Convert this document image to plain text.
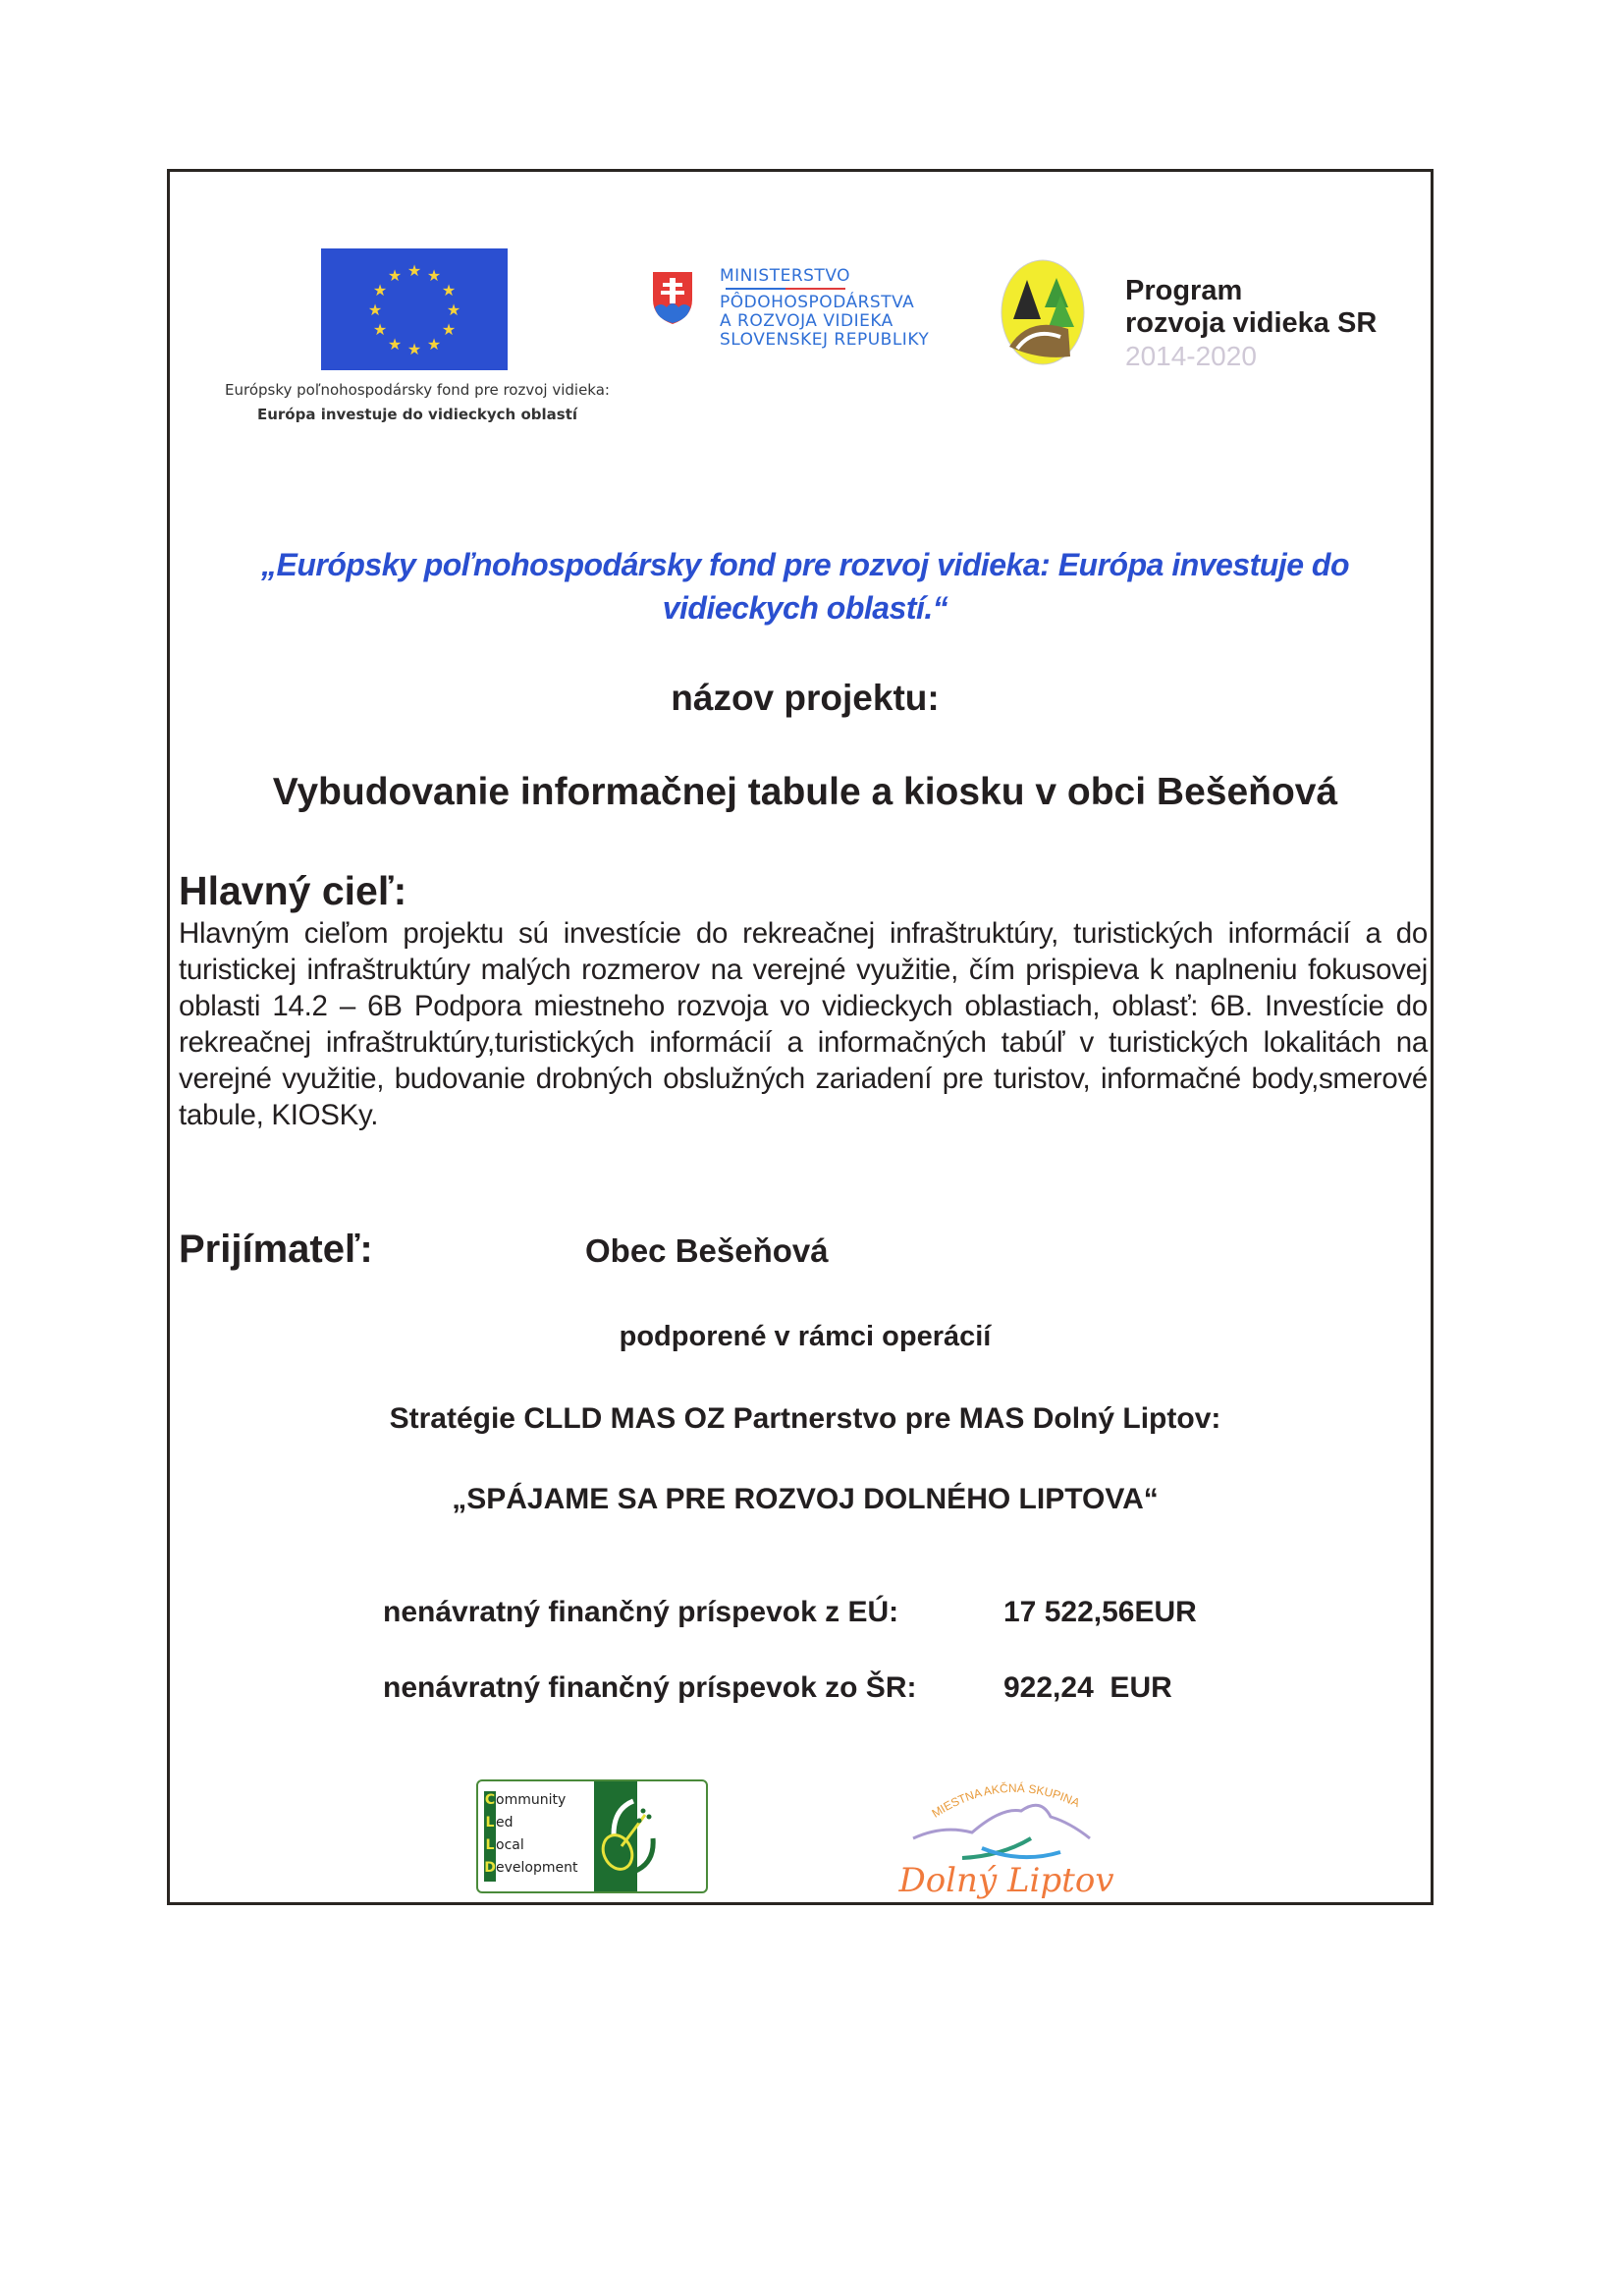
★ ★
★
★
★
★
★
★
★
★
★
★
Európsky poľnohospodársky fond pre rozvoj vidieka:
Európa investuje do vidieckych oblastí
MINISTERSTVO
PÔDOHOSPODÁRSTVA
A ROZVOJA VIDIEKA
SLOVENSKEJ REPUBLIKY
Program
rozvoja vidieka SR
2014-2020
„Európsky poľnohospodársky fond pre rozvoj vidieka: Európa investuje do vidieckych oblastí.“
názov projektu:
Vybudovanie informačnej tabule a kiosku v obci Bešeňová
Hlavný cieľ:
Hlavným cieľom projektu sú investície do rekreačnej infraštruktúry, turistických informácií a do turistickej infraštruktúry malých rozmerov na verejné využitie, čím prispieva k naplneniu fokusovej oblasti 14.2 – 6B Podpora miestneho rozvoja vo vidieckych oblastiach, oblasť: 6B. Investície do rekreačnej infraštruktúry,turistických informácií a informačných tabúľ v turistických lokalitách na verejné využitie, budovanie drobných obslužných zariadení pre turistov, informačné body,smerové tabule, KIOSKy.
Prijímateľ:	Obec Bešeňová
podporené v rámci operácií
Stratégie CLLD MAS OZ Partnerstvo pre MAS Dolný Liptov:
„SPÁJAME SA PRE ROZVOJ DOLNÉHO LIPTOVA“
nenávratný finančný príspevok z EÚ:	17 522,56EUR
nenávratný finančný príspevok zo ŠR:	922,24  EUR
Community
L ed
L ocal
Development
MIESTNA AKČNÁ SKUPINA
Dolný Liptov
